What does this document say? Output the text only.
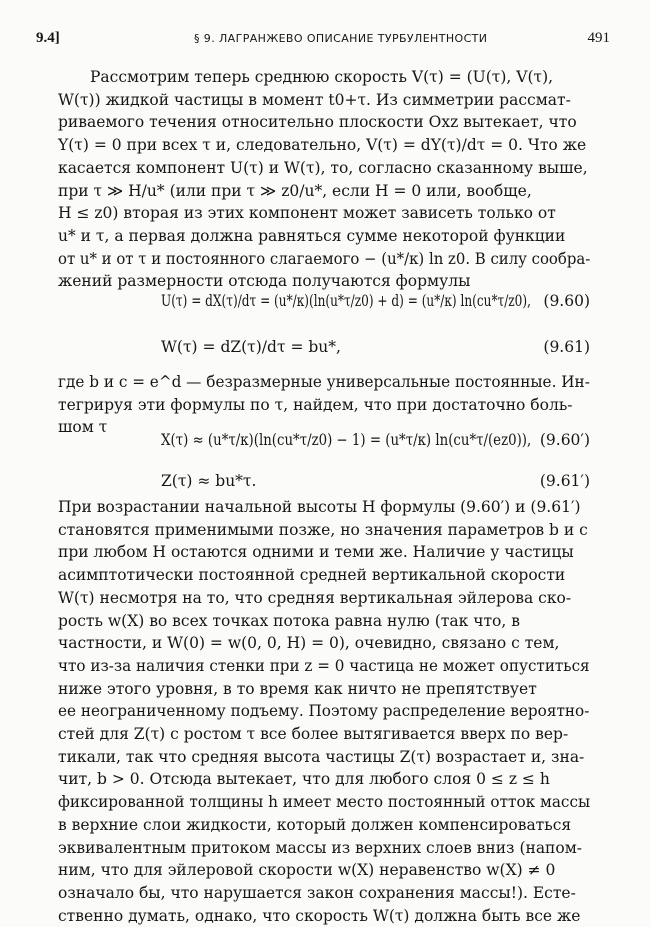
9.4]	§ 9. ЛАГРАНЖЕВО ОПИСАНИЕ ТУРБУЛЕНТНОСТИ	491
Рассмотрим теперь среднюю скорость V(τ) = (U(τ), V(τ),
W(τ)) жидкой частицы в момент t0+τ. Из симметрии рассмат-
риваемого течения относительно плоскости Oxz вытекает, что
Y(τ) = 0 при всех τ и, следовательно, V(τ) = dY(τ)/dτ = 0. Что же
касается компонент U(τ) и W(τ), то, согласно сказанному выше,
при τ ≫ H/u* (или при τ ≫ z0/u*, если H = 0 или, вообще,
H ≤ z0) вторая из этих компонент может зависеть только от
u* и τ, а первая должна равняться сумме некоторой функции
от u* и от τ и постоянного слагаемого − (u*/κ) ln z0. В силу сообра-
жений размерности отсюда получаются формулы
U(τ) = dX(τ)/dτ = (u*/κ)(ln(u*τ/z0) + d) = (u*/κ) ln(cu*τ/z0), (9.60)
W(τ) = dZ(τ)/dτ = bu*,	(9.61)
где b и c = e^d — безразмерные универсальные постоянные. Ин-
тегрируя эти формулы по τ, найдем, что при достаточно боль-
шом τ
X(τ) ≈ (u*τ/κ)(ln(cu*τ/z0) − 1) = (u*τ/κ) ln(cu*τ/(ez0)), (9.60′)
Z(τ) ≈ bu*τ.	(9.61′)
При возрастании начальной высоты H формулы (9.60′) и (9.61′)
становятся применимыми позже, но значения параметров b и c
при любом H остаются одними и теми же. Наличие у частицы
асимптотически постоянной средней вертикальной скорости
W(τ) несмотря на то, что средняя вертикальная эйлерова ско-
рость w(X) во всех точках потока равна нулю (так что, в
частности, и W(0) = w(0, 0, H) = 0), очевидно, связано с тем,
что из-за наличия стенки при z = 0 частица не может опуститься
ниже этого уровня, в то время как ничто не препятствует
ее неограниченному подъему. Поэтому распределение вероятно-
стей для Z(τ) с ростом τ все более вытягивается вверх по вер-
тикали, так что средняя высота частицы Z(τ) возрастает и, зна-
чит, b > 0. Отсюда вытекает, что для любого слоя 0 ≤ z ≤ h
фиксированной толщины h имеет место постоянный отток массы
в верхние слои жидкости, который должен компенсироваться
эквивалентным притоком массы из верхних слоев вниз (напом-
ним, что для эйлеровой скорости w(X) неравенство w(X) ≠ 0
означало бы, что нарушается закон сохранения массы!). Есте-
ственно думать, однако, что скорость W(τ) должна быть все же
